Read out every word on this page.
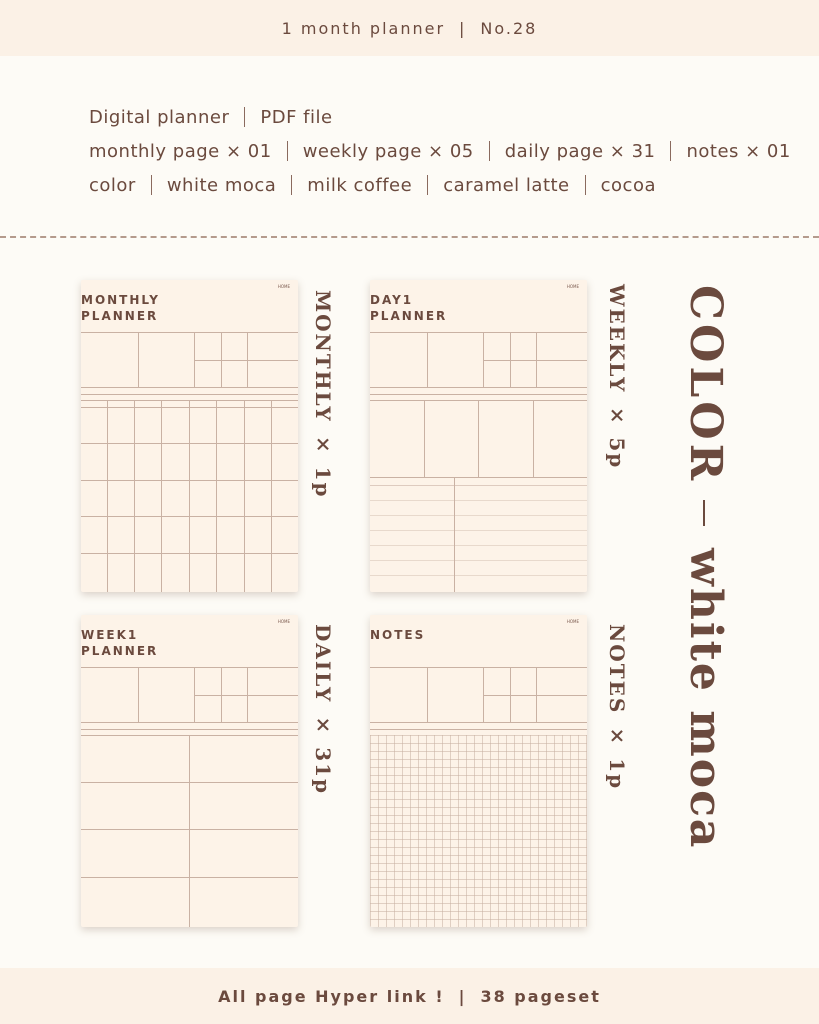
1 month planner | No.28
Digital planner PDF file
monthly page × 01 weekly page × 05 daily page × 31 notes × 01
color white moca milk coffee caramel latte cocoa
HOME
MONTHLY
PLANNER	MONTHLY × 1p
HOME
DAY1
PLANNER	WEEKLY × 5p
HOME
WEEK1
PLANNER	DAILY × 31p
HOME
NOTES	NOTES × 1p
COLOR
white moca
All page Hyper link ! | 38 pageset
